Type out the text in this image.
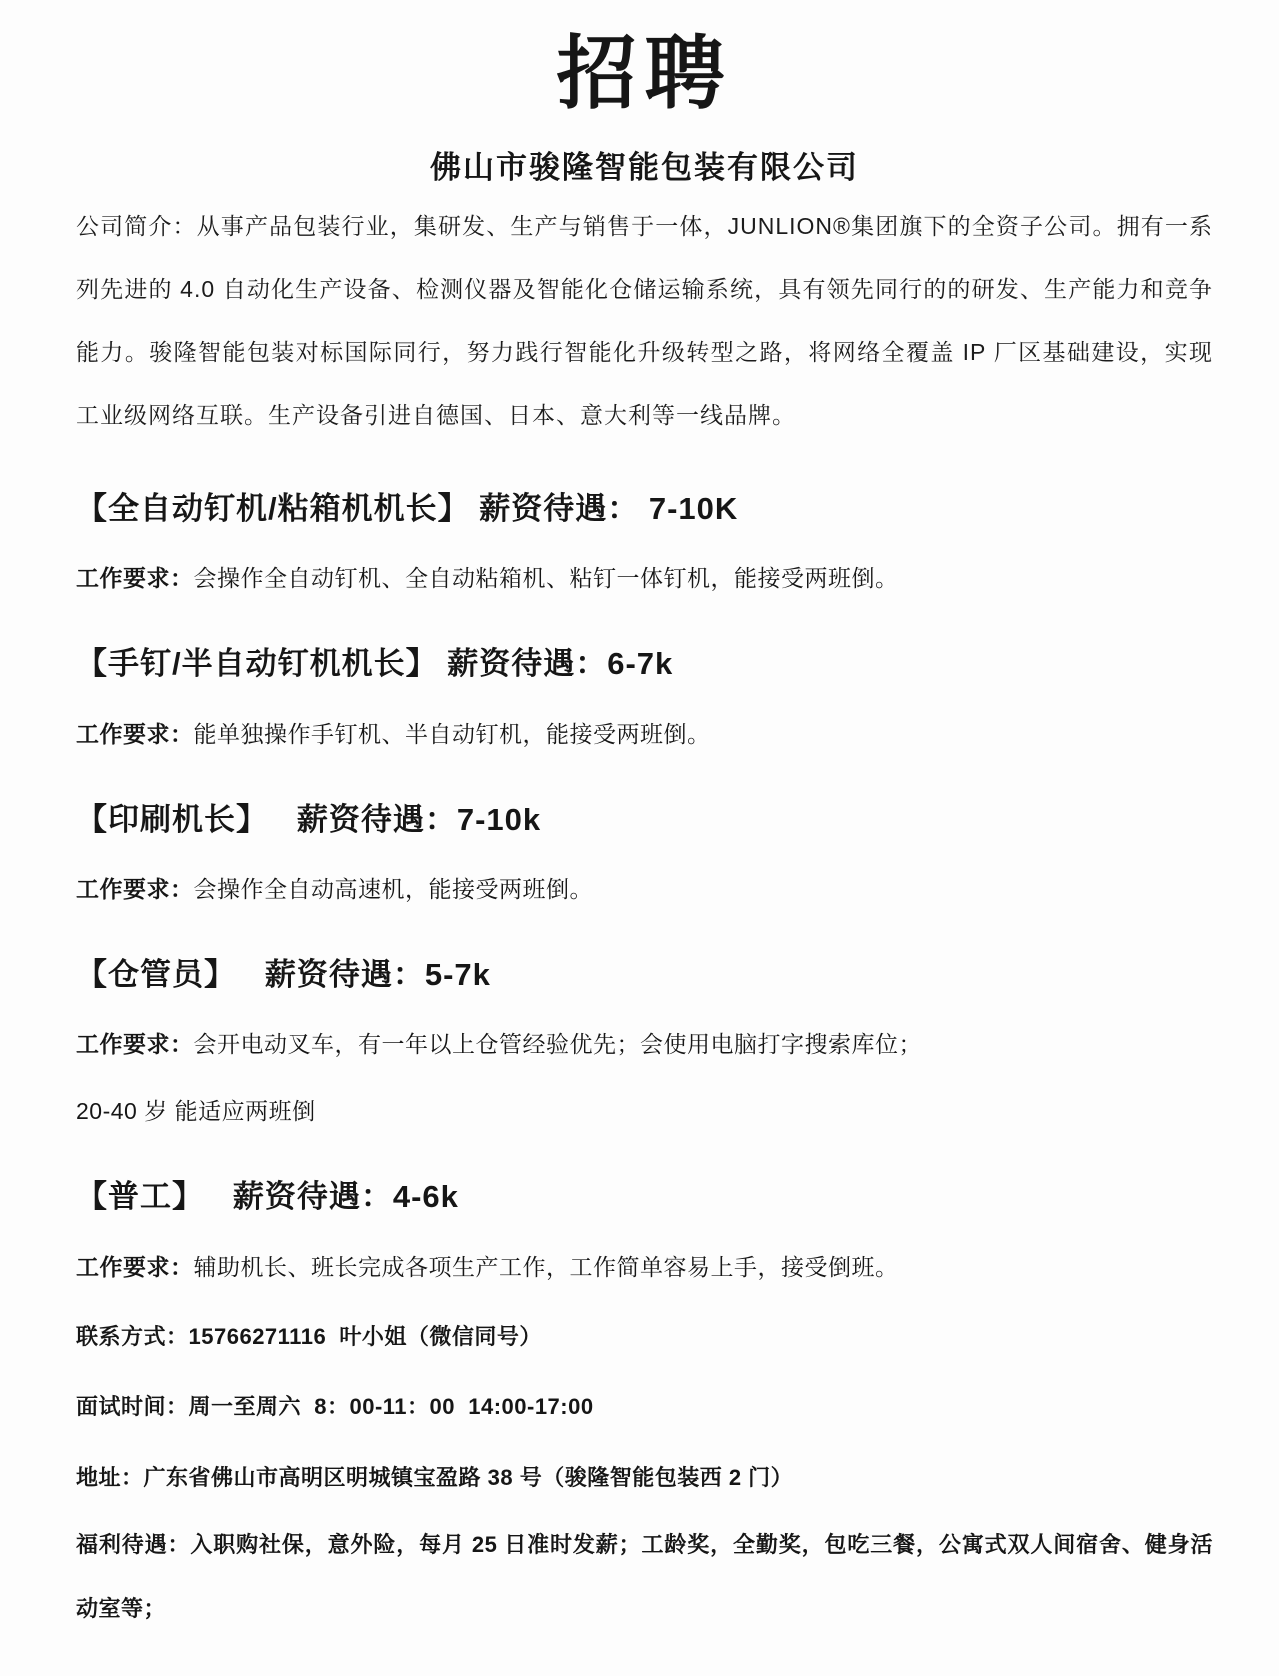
招聘
佛山市骏隆智能包装有限公司

公司简介：从事产品包装行业，集研发、生产与销售于一体，JUNLION®集团旗下的全资子公司。拥有一系列先进的 4.0 自动化生产设备、检测仪器及智能化仓储运输系统，具有领先同行的的研发、生产能力和竞争能力。骏隆智能包装对标国际同行，努力践行智能化升级转型之路，将网络全覆盖 IP 厂区基础建设，实现工业级网络互联。生产设备引进自德国、日本、意大利等一线品牌。

【全自动钉机/粘箱机机长】 薪资待遇： 7-10K

工作要求：会操作全自动钉机、全自动粘箱机、粘钉一体钉机，能接受两班倒。

【手钉/半自动钉机机长】 薪资待遇：6-7k

工作要求：能单独操作手钉机、半自动钉机，能接受两班倒。

【印刷机长】   薪资待遇：7-10k

工作要求：会操作全自动高速机，能接受两班倒。

【仓管员】   薪资待遇：5-7k

工作要求：会开电动叉车，有一年以上仓管经验优先；会使用电脑打字搜索库位；

20-40 岁 能适应两班倒

【普工】   薪资待遇：4-6k

工作要求：辅助机长、班长完成各项生产工作，工作简单容易上手，接受倒班。

联系方式：15766271116  叶小姐（微信同号）

面试时间：周一至周六  8：00-11：00  14:00-17:00

地址：广东省佛山市高明区明城镇宝盈路 38 号（骏隆智能包装西 2 门）

福利待遇：入职购社保，意外险，每月 25 日准时发薪；工龄奖，全勤奖，包吃三餐，公寓式双人间宿舍、健身活动室等；
